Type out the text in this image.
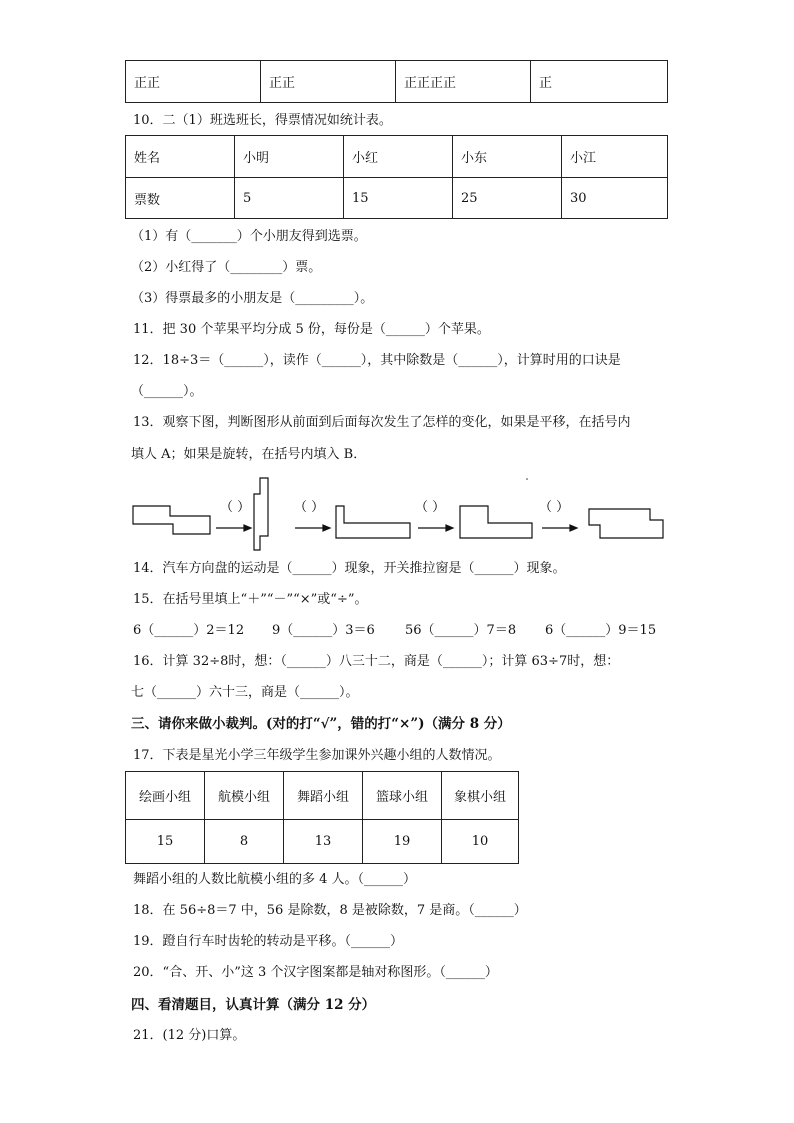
正正	正正	正正正正	正
10．二（1）班选班长，得票情况如统计表。
姓名	小明	小红	小东	小江
票数	5	15	25	30
（1）有（_______）个小朋友得到选票。
（2）小红得了（________）票。
（3）得票最多的小朋友是（_________）。
11．把 30 个苹果平均分成 5 份，每份是（______）个苹果。
12．18÷3＝（______），读作（______），其中除数是（______），计算时用的口诀是
（______）。
13．观察下图，判断图形从前面到后面每次发生了怎样的变化，如果是平移，在括号内
填人 A；如果是旋转，在括号内填入 B．
（ ）	（ ）	（ ）	（ ）
14．汽车方向盘的运动是（______）现象，开关推拉窗是（______）现象。
15．在括号里填上“＋”“－”“×”或“÷”。
6（______）2＝12 9（______）3＝6 56（______）7＝8 6（______）9＝15
16．计算 32÷8时，想：（______）八三十二，商是（______）；计算 63÷7时，想：
七（______）六十三，商是（______）。
三、请你来做小裁判。(对的打“√”，错的打“×”)（满分 8 分）
17．下表是星光小学三年级学生参加课外兴趣小组的人数情况。
绘画小组	航模小组	舞蹈小组	篮球小组	象棋小组
15	8	13	19	10
舞蹈小组的人数比航模小组的多 4 人。（______）
18．在 56÷8＝7 中，56 是除数，8 是被除数，7 是商。（______）
19．蹬自行车时齿轮的转动是平移。（______）
20．“合、开、小”这 3 个汉字图案都是轴对称图形。（______）
四、看清题目，认真计算（满分 12 分）
21．(12 分)口算。
